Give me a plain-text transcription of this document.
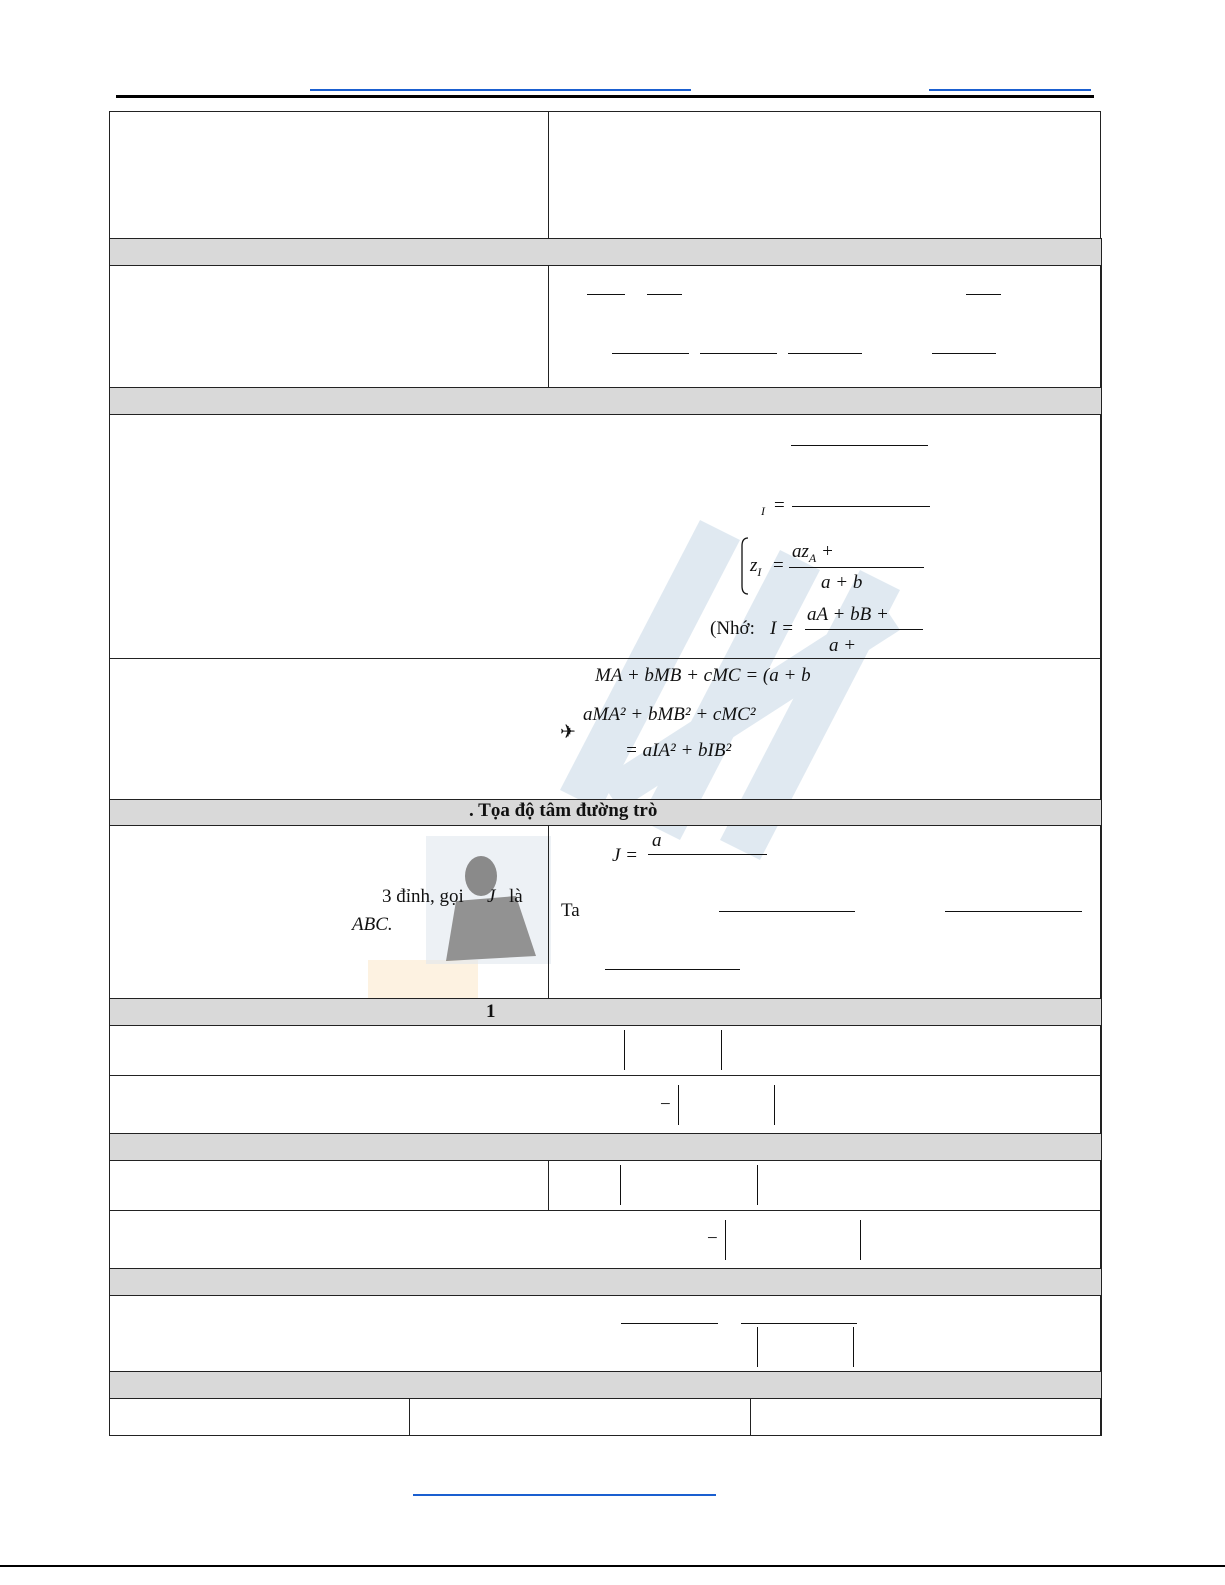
I =
$z_I$ =
$az_A$ +
a + b
(Nhớ: I =
aA + bB +
a +
MA + bMB + cMC = (a + b
✈
aMA² + bMB² + cMC²
= aIA² + bIB²
. Tọa độ tâm đường trò
3 đỉnh, gọi J là
ABC.
J =
a
Ta
1
−
−
